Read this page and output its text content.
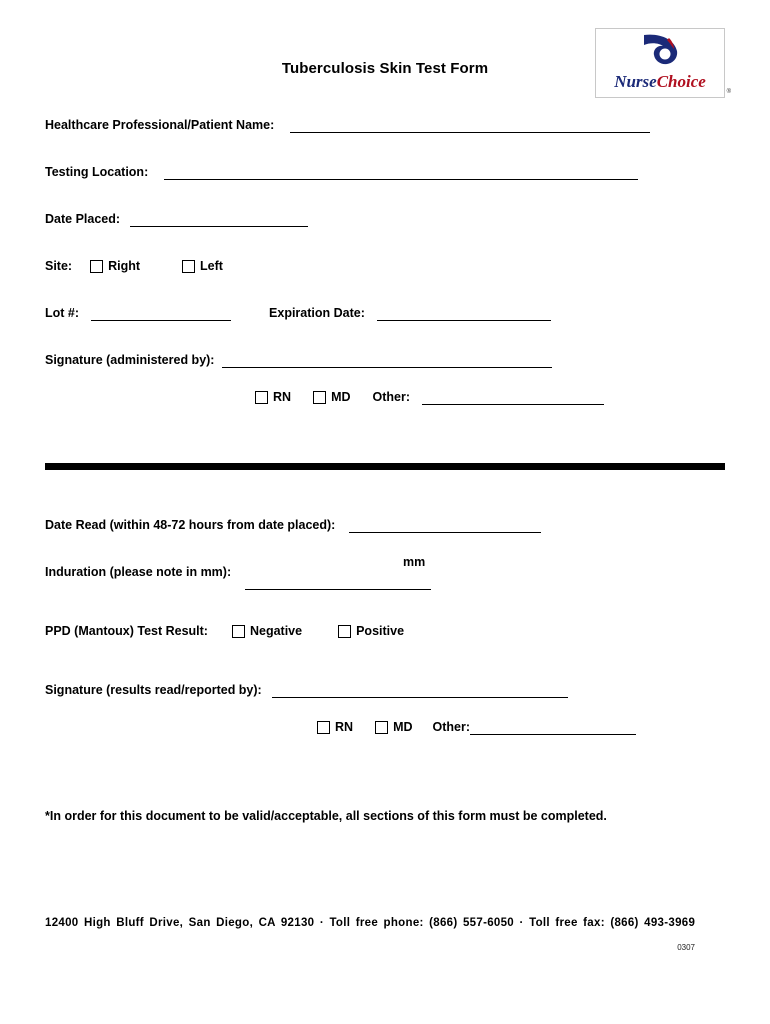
Tuberculosis Skin Test Form
NurseChoice
®
Healthcare Professional/Patient Name:
Testing Location:
Date Placed:
Site:	Right	Left
Lot #:	Expiration Date:
Signature (administered by):
RN	MD Other:
Date Read (within 48-72 hours from date placed):
Induration (please note in mm):
mm
PPD (Mantoux) Test Result:	Negative	Positive
Signature (results read/reported by):
RN	MD Other:
*In order for this document to be valid/acceptable, all sections of this form must be completed.
12400 High Bluff Drive, San Diego, CA 92130 · Toll free phone: (866) 557-6050 · Toll free fax: (866) 493-3969
0307
